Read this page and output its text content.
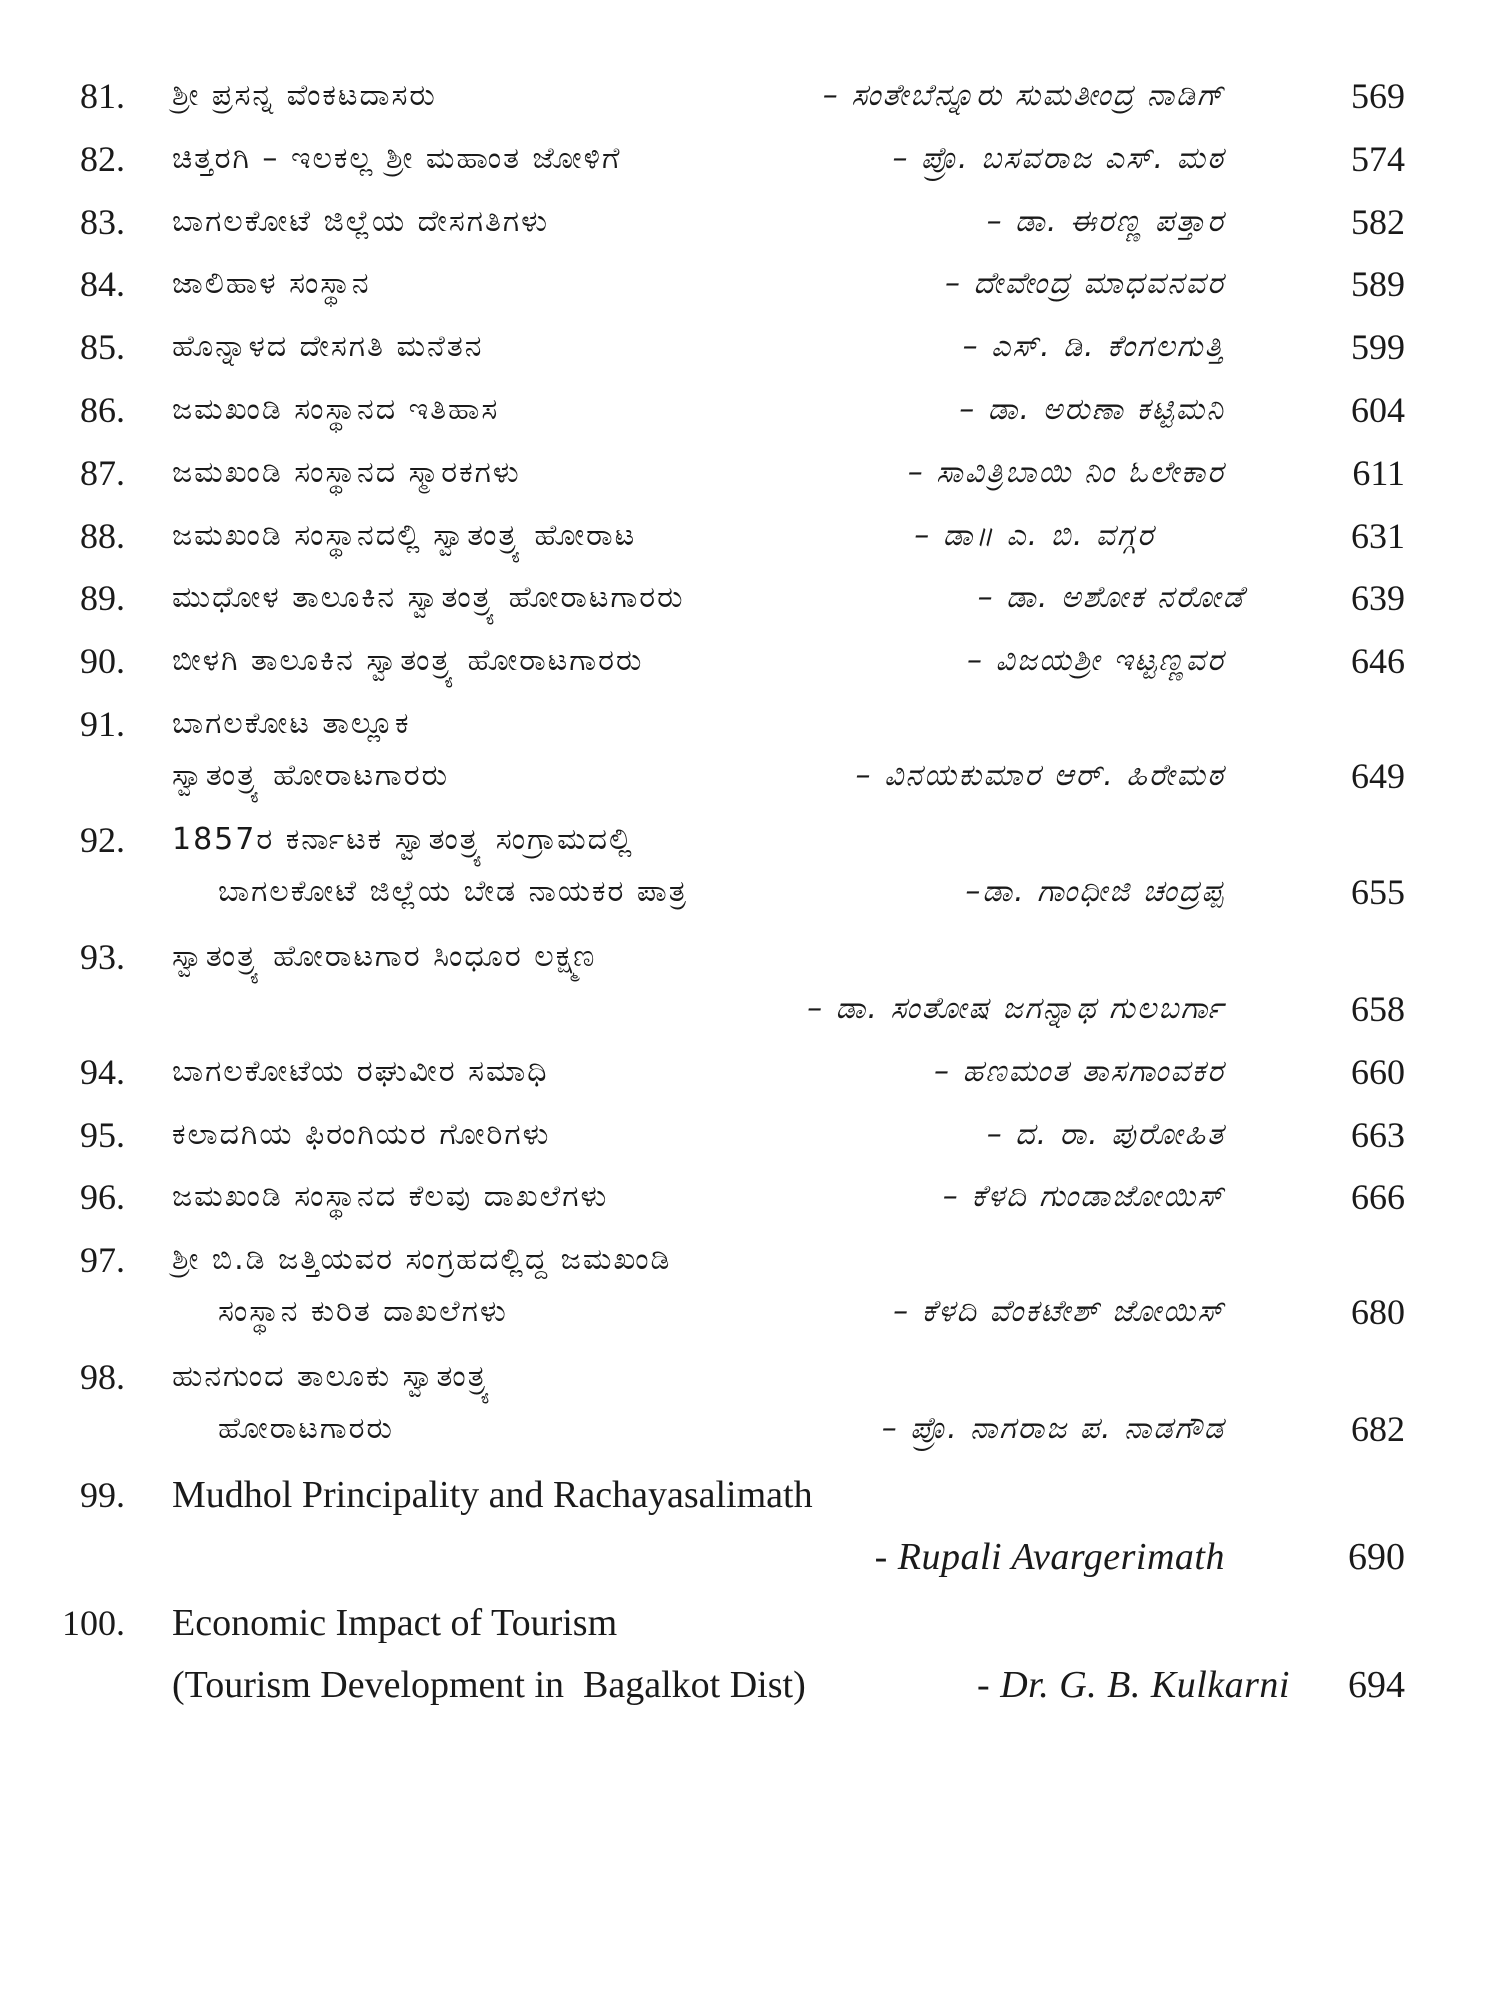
81. ಶ್ರೀ ಪ್ರಸನ್ನ ವೆಂಕಟದಾಸರು	– ಸಂತೇಬೆನ್ನೂರು ಸುಮತೀಂದ್ರ ನಾಡಿಗ್	569
82. ಚಿತ್ತರಗಿ – ಇಲಕಲ್ಲ ಶ್ರೀ ಮಹಾಂತ ಜೋಳಿಗೆ	– ಪ್ರೊ. ಬಸವರಾಜ ಎಸ್. ಮಠ	574
83. ಬಾಗಲಕೋಟೆ ಜಿಲ್ಲೆಯ ದೇಸಗತಿಗಳು	– ಡಾ. ಈರಣ್ಣ ಪತ್ತಾರ	582
84. ಜಾಲಿಹಾಳ ಸಂಸ್ಥಾನ	– ದೇವೇಂದ್ರ ಮಾಧವನವರ	589
85. ಹೊನ್ನಾಳದ ದೇಸಗತಿ ಮನೆತನ	– ಎಸ್. ಡಿ. ಕೆಂಗಲಗುತ್ತಿ	599
86. ಜಮಖಂಡಿ ಸಂಸ್ಥಾನದ ಇತಿಹಾಸ	– ಡಾ. ಅರುಣಾ ಕಟ್ಟಿಮನಿ	604
87. ಜಮಖಂಡಿ ಸಂಸ್ಥಾನದ ಸ್ಮಾರಕಗಳು	– ಸಾವಿತ್ರಿಬಾಯಿ ನಿಂ ಓಲೇಕಾರ	611
88. ಜಮಖಂಡಿ ಸಂಸ್ಥಾನದಲ್ಲಿ ಸ್ವಾತಂತ್ರ್ಯ ಹೋರಾಟ	– ಡಾ॥ ಎ. ಬಿ. ವಗ್ಗರ	631
89. ಮುಧೋಳ ತಾಲೂಕಿನ ಸ್ವಾತಂತ್ರ್ಯ ಹೋರಾಟಗಾರರು	– ಡಾ. ಅಶೋಕ ನರೋಡೆ	639
90. ಬೀಳಗಿ ತಾಲೂಕಿನ ಸ್ವಾತಂತ್ರ್ಯ ಹೋರಾಟಗಾರರು	– ವಿಜಯಶ್ರೀ ಇಟ್ಟಣ್ಣವರ	646
91. ಬಾಗಲಕೋಟ ತಾಲ್ಲೂಕ
ಸ್ವಾತಂತ್ರ್ಯ ಹೋರಾಟಗಾರರು	– ವಿನಯಕುಮಾರ ಆರ್. ಹಿರೇಮಠ	649
92. 1857ರ ಕರ್ನಾಟಕ ಸ್ವಾತಂತ್ರ್ಯ ಸಂಗ್ರಾಮದಲ್ಲಿ
ಬಾಗಲಕೋಟೆ ಜಿಲ್ಲೆಯ ಬೇಡ ನಾಯಕರ ಪಾತ್ರ	–ಡಾ. ಗಾಂಧೀಜಿ ಚಂದ್ರಪ್ಪ	655
93. ಸ್ವಾತಂತ್ರ್ಯ ಹೋರಾಟಗಾರ ಸಿಂಧೂರ ಲಕ್ಷ್ಮಣ
– ಡಾ. ಸಂತೋಷ ಜಗನ್ನಾಥ ಗುಲಬರ್ಗಾ	658
94. ಬಾಗಲಕೋಟೆಯ ರಘುವೀರ ಸಮಾಧಿ	– ಹಣಮಂತ ತಾಸಗಾಂವಕರ	660
95. ಕಲಾದಗಿಯ ಫಿರಂಗಿಯರ ಗೋರಿಗಳು	– ದ. ರಾ. ಪುರೋಹಿತ	663
96. ಜಮಖಂಡಿ ಸಂಸ್ಥಾನದ ಕೆಲವು ದಾಖಲೆಗಳು	– ಕೆಳದಿ ಗುಂಡಾಜೋಯಿಸ್	666
97. ಶ್ರೀ ಬಿ.ಡಿ ಜತ್ತಿಯವರ ಸಂಗ್ರಹದಲ್ಲಿದ್ದ ಜಮಖಂಡಿ
ಸಂಸ್ಥಾನ ಕುರಿತ ದಾಖಲೆಗಳು	– ಕೆಳದಿ ವೆಂಕಟೇಶ್ ಜೋಯಿಸ್	680
98. ಹುನಗುಂದ ತಾಲೂಕು ಸ್ವಾತಂತ್ರ್ಯ
ಹೋರಾಟಗಾರರು	– ಪ್ರೊ. ನಾಗರಾಜ ಪ. ನಾಡಗೌಡ	682
99. Mudhol Principality and Rachayasalimath
- Rupali Avargerimath	690
100. Economic Impact of Tourism
(Tourism Development in  Bagalkot Dist)	- Dr. G. B. Kulkarni	694
